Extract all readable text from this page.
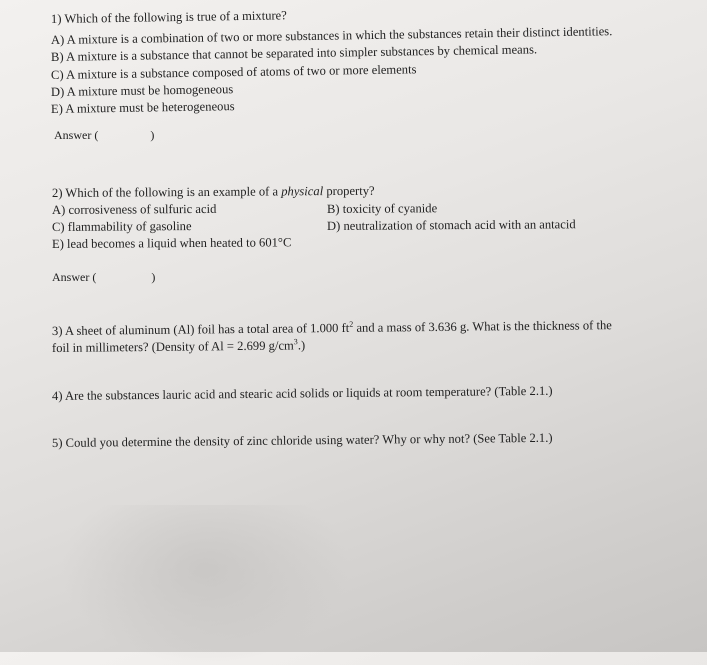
1) Which of the following is true of a mixture?
A) A mixture is a combination of two or more substances in which the substances retain their distinct identities.
B) A mixture is a substance that cannot be separated into simpler substances by chemical means.
C) A mixture is a substance composed of atoms of two or more elements
D) A mixture must be homogeneous
E) A mixture must be heterogeneous
Answer (	)
2) Which of the following is an example of a physical property?
A) corrosiveness of sulfuric acid	B) toxicity of cyanide
C) flammability of gasoline	D) neutralization of stomach acid with an antacid
E) lead becomes a liquid when heated to 601°C
Answer (	)
3) A sheet of aluminum (Al) foil has a total area of 1.000 $ft^2$ and a mass of 3.636 g. What is the thickness of the
foil in millimeters? (Density of Al = 2.699 $g/cm^3$.)
4) Are the substances lauric acid and stearic acid solids or liquids at room temperature? (Table 2.1.)
5) Could you determine the density of zinc chloride using water? Why or why not? (See Table 2.1.)
